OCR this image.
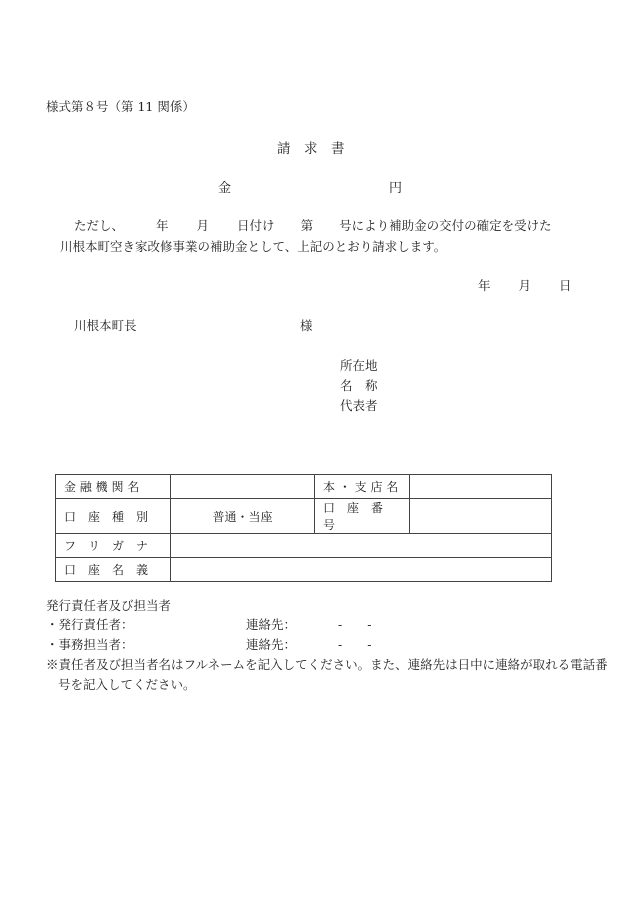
様式第８号（第 11 関係）
請　求　書
金	円
ただし、	年 月 日付け 第 号により補助金の交付の確定を受けた
川根本町空き家改修事業の補助金として、上記のとおり請求します。
年 月 日
川根本町長	様
所在地
名　称
代表者
金 融 機 関 名		本 ・ 支 店 名	
口　座　種　別	普通・当座	口　座　番　号	
フ　リ　ガ　ナ			
口　座　名　義			
発行責任者及び担当者
・発行責任者：	連絡先：	-　　-
・事務担当者：	連絡先：	-　　-
※責任者及び担当者名はフルネームを記入してください。また、連絡先は日中に連絡が取れる電話番
号を記入してください。
